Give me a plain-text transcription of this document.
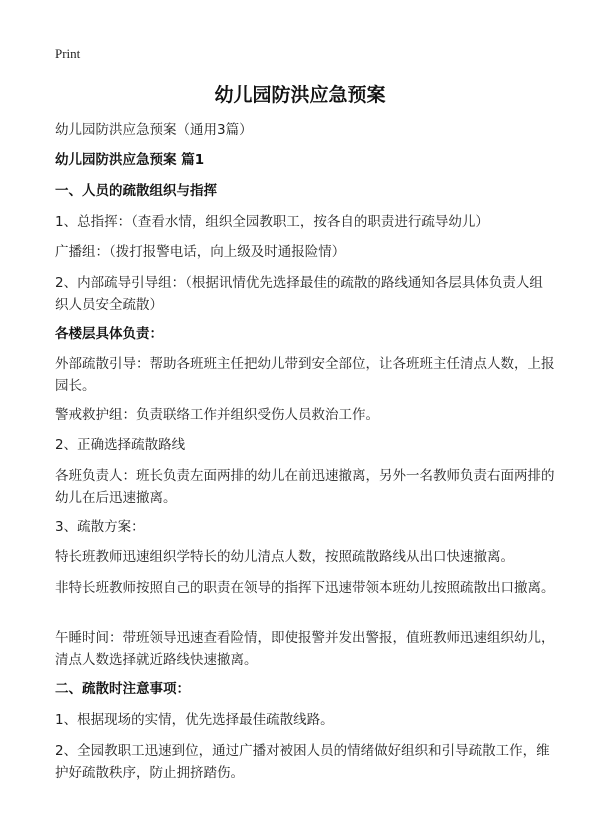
Print
幼儿园防洪应急预案
幼儿园防洪应急预案（通用3篇）
幼儿园防洪应急预案 篇1
一、人员的疏散组织与指挥
1、总指挥：（查看水情，组织全园教职工，按各自的职责进行疏导幼儿）
广播组：（拨打报警电话，向上级及时通报险情）
2、内部疏导引导组：（根据讯情优先选择最佳的疏散的路线通知各层具体负责人组织人员安全疏散）
各楼层具体负责：
外部疏散引导：帮助各班班主任把幼儿带到安全部位，让各班班主任清点人数，上报园长。
警戒救护组：负责联络工作并组织受伤人员救治工作。
2、正确选择疏散路线
各班负责人：班长负责左面两排的幼儿在前迅速撤离，另外一名教师负责右面两排的幼儿在后迅速撤离。
3、疏散方案：
特长班教师迅速组织学特长的幼儿清点人数，按照疏散路线从出口快速撤离。
非特长班教师按照自己的职责在领导的指挥下迅速带领本班幼儿按照疏散出口撤离。
午睡时间：带班领导迅速查看险情，即使报警并发出警报，值班教师迅速组织幼儿，清点人数选择就近路线快速撤离。
二、疏散时注意事项：
1、根据现场的实情，优先选择最佳疏散线路。
2、全园教职工迅速到位，通过广播对被困人员的情绪做好组织和引导疏散工作，维护好疏散秩序，防止拥挤踏伤。
